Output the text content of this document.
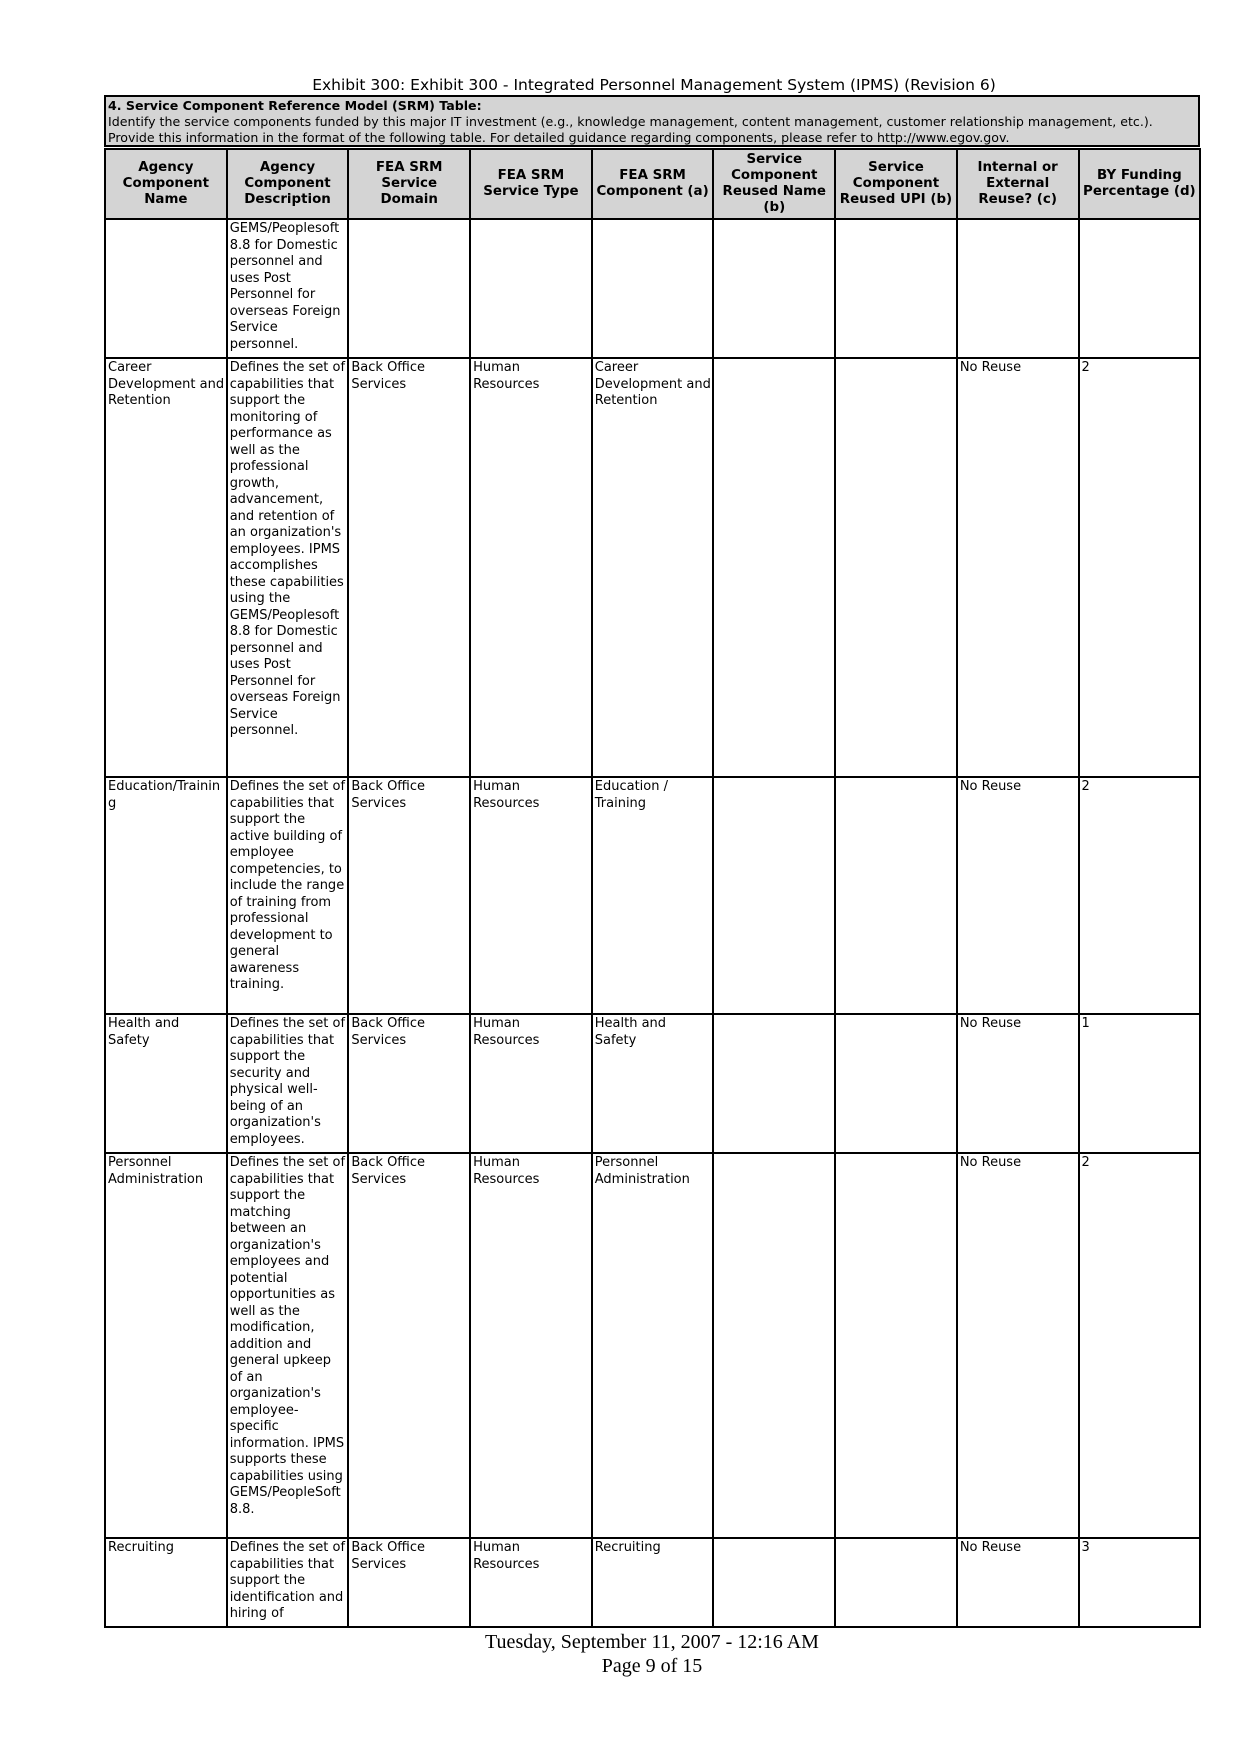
Exhibit 300: Exhibit 300 - Integrated Personnel Management System (IPMS) (Revision 6)
4. Service Component Reference Model (SRM) Table:
Identify the service components funded by this major IT investment (e.g., knowledge management, content management, customer relationship management, etc.). Provide this information in the format of the following table. For detailed guidance regarding components, please refer to http://www.egov.gov.
Agency Component Name	Agency Component Description	FEA SRM Service Domain	FEA SRM Service Type	FEA SRM Component (a)	Service Component Reused Name (b)	Service Component Reused UPI (b)	Internal or External Reuse? (c)	BY Funding Percentage (d)
	GEMS/Peoplesoft 8.8 for Domestic personnel and uses Post Personnel for overseas Foreign Service personnel.							
Career Development and Retention	Defines the set of capabilities that support the monitoring of performance as well as the professional growth, advancement, and retention of an organization's employees. IPMS accomplishes these capabilities using the GEMS/Peoplesoft 8.8 for Domestic personnel and uses Post Personnel for overseas Foreign Service personnel.	Back Office Services	Human Resources	Career Development and Retention			No Reuse	2
Education/Training	Defines the set of capabilities that support the active building of employee competencies, to include the range of training from professional development to general awareness training.	Back Office Services	Human Resources	Education / Training			No Reuse	2
Health and Safety	Defines the set of capabilities that support the security and physical well-being of an organization's employees.	Back Office Services	Human Resources	Health and Safety			No Reuse	1
Personnel Administration	Defines the set of capabilities that support the matching between an organization's employees and potential opportunities as well as the modification, addition and general upkeep of an organization's employee-specific information. IPMS supports these capabilities using GEMS/PeopleSoft 8.8.	Back Office Services	Human Resources	Personnel Administration			No Reuse	2
Recruiting	Defines the set of capabilities that support the identification and hiring of	Back Office Services	Human Resources	Recruiting			No Reuse	3
Tuesday, September 11, 2007 - 12:16 AM
Page 9 of 15
